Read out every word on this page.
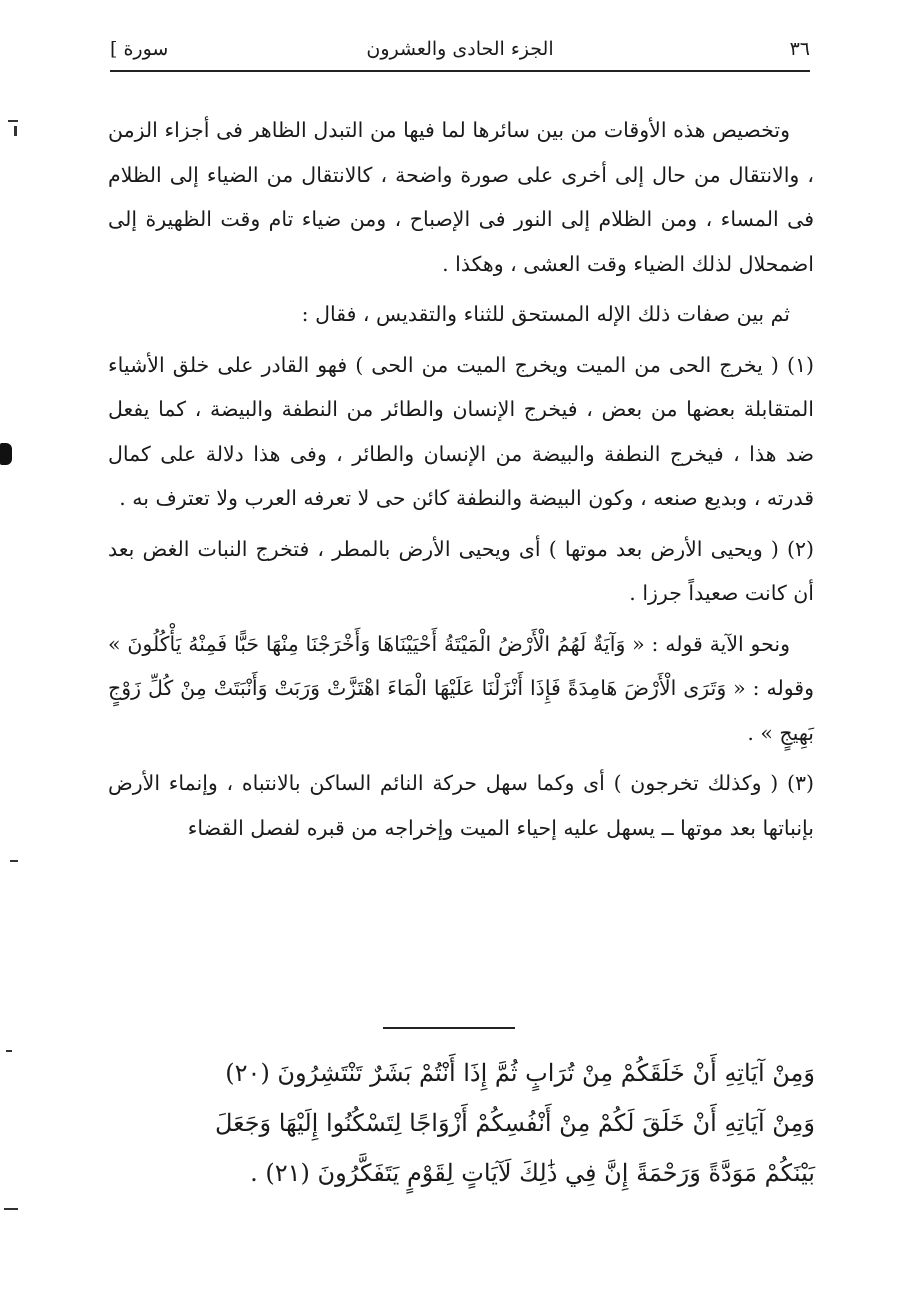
٣٦
الجزء الحادى والعشرون
[ سورة

وتخصيص هذه الأوقات من بين سائرها لما فيها من التبدل الظاهر فى أجزاء الزمن ، والانتقال من حال إلى أخرى على صورة واضحة ، كالانتقال من الضياء إلى الظلام فى المساء ، ومن الظلام إلى النور فى الإصباح ، ومن ضياء تام وقت الظهيرة إلى اضمحلال لذلك الضياء وقت العشى ، وهكذا .

ثم بين صفات ذلك الإله المستحق للثناء والتقديس ، فقال :

(١) ( يخرج الحى من الميت ويخرج الميت من الحى ) فهو القادر على خلق الأشياء المتقابلة بعضها من بعض ، فيخرج الإنسان والطائر من النطفة والبيضة ، كما يفعل ضد هذا ، فيخرج النطفة والبيضة من الإنسان والطائر ، وفى هذا دلالة على كمال قدرته ، وبديع صنعه ، وكون البيضة والنطفة كائن حى لا تعرفه العرب ولا تعترف به .

(٢) ( ويحيى الأرض بعد موتها ) أى ويحيى الأرض بالمطر ، فتخرج النبات الغض بعد أن كانت صعيداً جرزا .

ونحو الآية قوله : « وَآيَةٌ لَهُمُ الْأَرْضُ الْمَيْتَةُ أَحْيَيْنَاهَا وَأَخْرَجْنَا مِنْهَا حَبًّا فَمِنْهُ يَأْكُلُونَ » وقوله : « وَتَرَى الْأَرْضَ هَامِدَةً فَإِذَا أَنْزَلْنَا عَلَيْهَا الْمَاءَ اهْتَزَّتْ وَرَبَتْ وَأَنْبَتَتْ مِنْ كُلِّ زَوْجٍ بَهِيجٍ » .

(٣) ( وكذلك تخرجون ) أى وكما سهل حركة النائم الساكن بالانتباه ، وإنماء الأرض بإنباتها بعد موتها ــ يسهل عليه إحياء الميت وإخراجه من قبره لفصل القضاء

وَمِنْ آيَاتِهِ أَنْ خَلَقَكُمْ مِنْ تُرَابٍ ثُمَّ إِذَا أَنْتُمْ بَشَرٌ تَنْتَشِرُونَ (٢٠)

وَمِنْ آيَاتِهِ أَنْ خَلَقَ لَكُمْ مِنْ أَنْفُسِكُمْ أَزْوَاجًا لِتَسْكُنُوا إِلَيْهَا وَجَعَلَ

بَيْنَكُمْ مَوَدَّةً وَرَحْمَةً إِنَّ فِي ذَٰلِكَ لَآيَاتٍ لِقَوْمٍ يَتَفَكَّرُونَ (٢١) .
